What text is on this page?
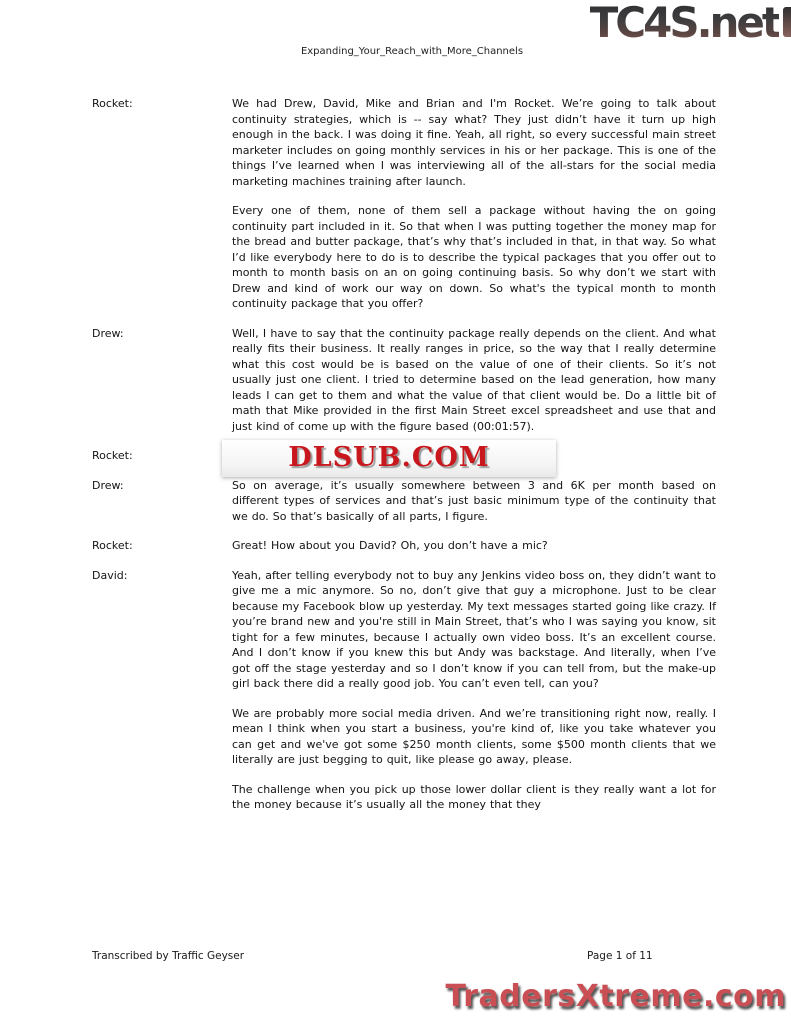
TC4S.net
Expanding_Your_Reach_with_More_Channels
Rocket:	We had Drew, David, Mike and Brian and I'm Rocket. We’re going to talk about continuity strategies, which is -- say what? They just didn’t have it turn up high enough in the back. I was doing it fine. Yeah, all right, so every successful main street marketer includes on going monthly services in his or her package. This is one of the things I’ve learned when I was interviewing all of the all-stars for the social media marketing machines training after launch.
Every one of them, none of them sell a package without having the on going continuity part included in it. So that when I was putting together the money map for the bread and butter package, that’s why that’s included in that, in that way. So what I’d like everybody here to do is to describe the typical packages that you offer out to month to month basis on an on going continuing basis. So why don’t we start with Drew and kind of work our way on down. So what's the typical month to month continuity package that you offer?
Drew:	Well, I have to say that the continuity package really depends on the client. And what really fits their business. It really ranges in price, so the way that I really determine what this cost would be is based on the value of one of their clients. So it’s not usually just one client. I tried to determine based on the lead generation, how many leads I can get to them and what the value of that client would be. Do a little bit of math that Mike provided in the first Main Street excel spreadsheet and use that and just kind of come up with the figure based (00:01:57).
Rocket:	DLSUB.COM
Drew:	So on average, it’s usually somewhere between 3 and 6K per month based on different types of services and that’s just basic minimum type of the continuity that we do. So that’s basically of all parts, I figure.
Rocket:	Great! How about you David? Oh, you don’t have a mic?
David:	Yeah, after telling everybody not to buy any Jenkins video boss on, they didn’t want to give me a mic anymore. So no, don’t give that guy a microphone. Just to be clear because my Facebook blow up yesterday. My text messages started going like crazy. If you’re brand new and you're still in Main Street, that’s who I was saying you know, sit tight for a few minutes, because I actually own video boss. It’s an excellent course. And I don’t know if you knew this but Andy was backstage. And literally, when I’ve got off the stage yesterday and so I don’t know if you can tell from, but the make-up girl back there did a really good job. You can’t even tell, can you?
We are probably more social media driven. And we’re transitioning right now, really. I mean I think when you start a business, you're kind of, like you take whatever you can get and we've got some $250 month clients, some $500 month clients that we literally are just begging to quit, like please go away, please.
The challenge when you pick up those lower dollar client is they really want a lot for the money because it’s usually all the money that they
Transcribed by Traffic Geyser	Page 1 of 11
TradersXtreme.com
